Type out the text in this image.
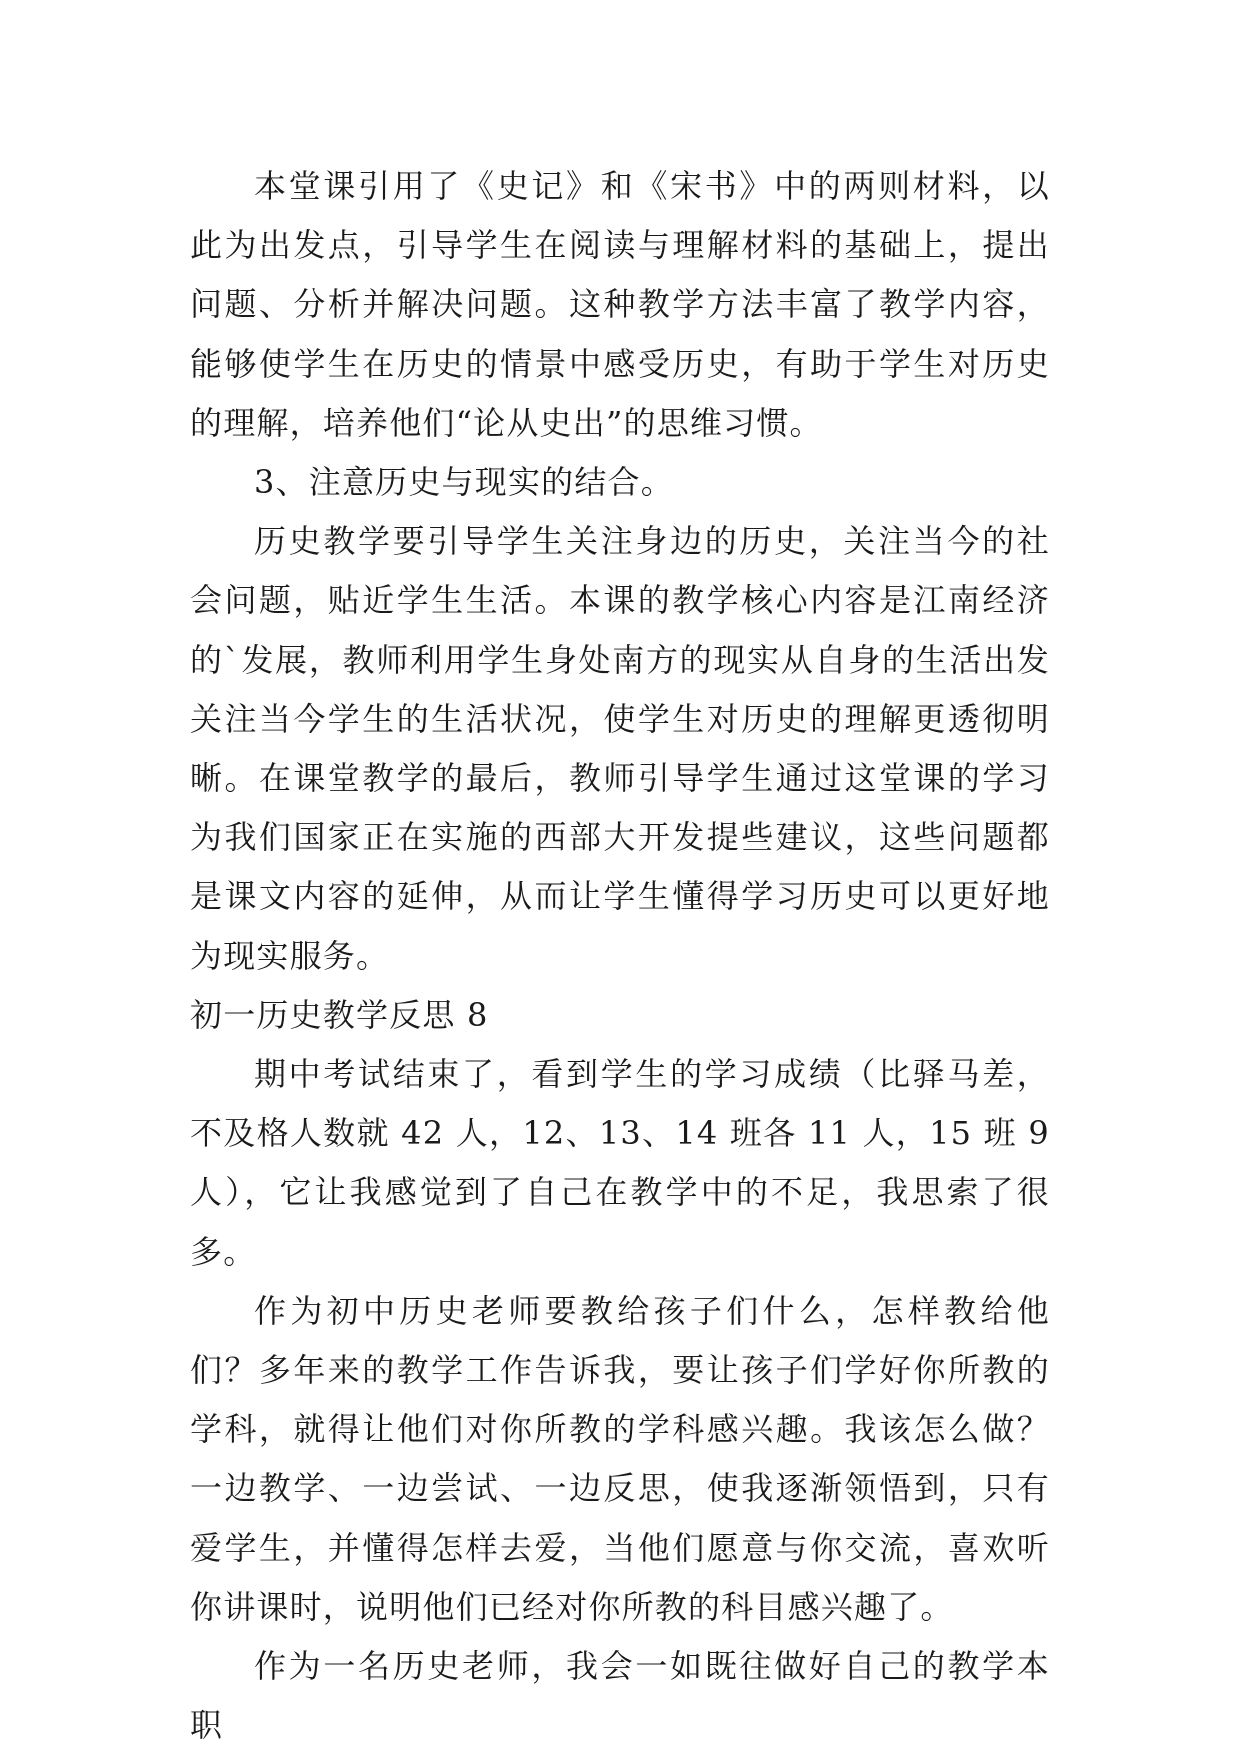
本堂课引用了《史记》和《宋书》中的两则材料，以此为出发点，引导学生在阅读与理解材料的基础上，提出问题、分析并解决问题。这种教学方法丰富了教学内容，能够使学生在历史的情景中感受历史，有助于学生对历史的理解，培养他们“论从史出”的思维习惯。

3、注意历史与现实的结合。

历史教学要引导学生关注身边的历史，关注当今的社会问题，贴近学生生活。本课的教学核心内容是江南经济的`发展，教师利用学生身处南方的现实从自身的生活出发关注当今学生的生活状况，使学生对历史的理解更透彻明晰。在课堂教学的最后，教师引导学生通过这堂课的学习为我们国家正在实施的西部大开发提些建议，这些问题都是课文内容的延伸，从而让学生懂得学习历史可以更好地为现实服务。

初一历史教学反思 8

期中考试结束了，看到学生的学习成绩（比驿马差，不及格人数就 42 人，12、13、14 班各 11 人，15 班 9 人），它让我感觉到了自己在教学中的不足，我思索了很多。

作为初中历史老师要教给孩子们什么，怎样教给他们？多年来的教学工作告诉我，要让孩子们学好你所教的学科，就得让他们对你所教的学科感兴趣。我该怎么做？一边教学、一边尝试、一边反思，使我逐渐领悟到，只有爱学生，并懂得怎样去爱，当他们愿意与你交流，喜欢听你讲课时，说明他们已经对你所教的科目感兴趣了。

作为一名历史老师，我会一如既往做好自己的教学本职
